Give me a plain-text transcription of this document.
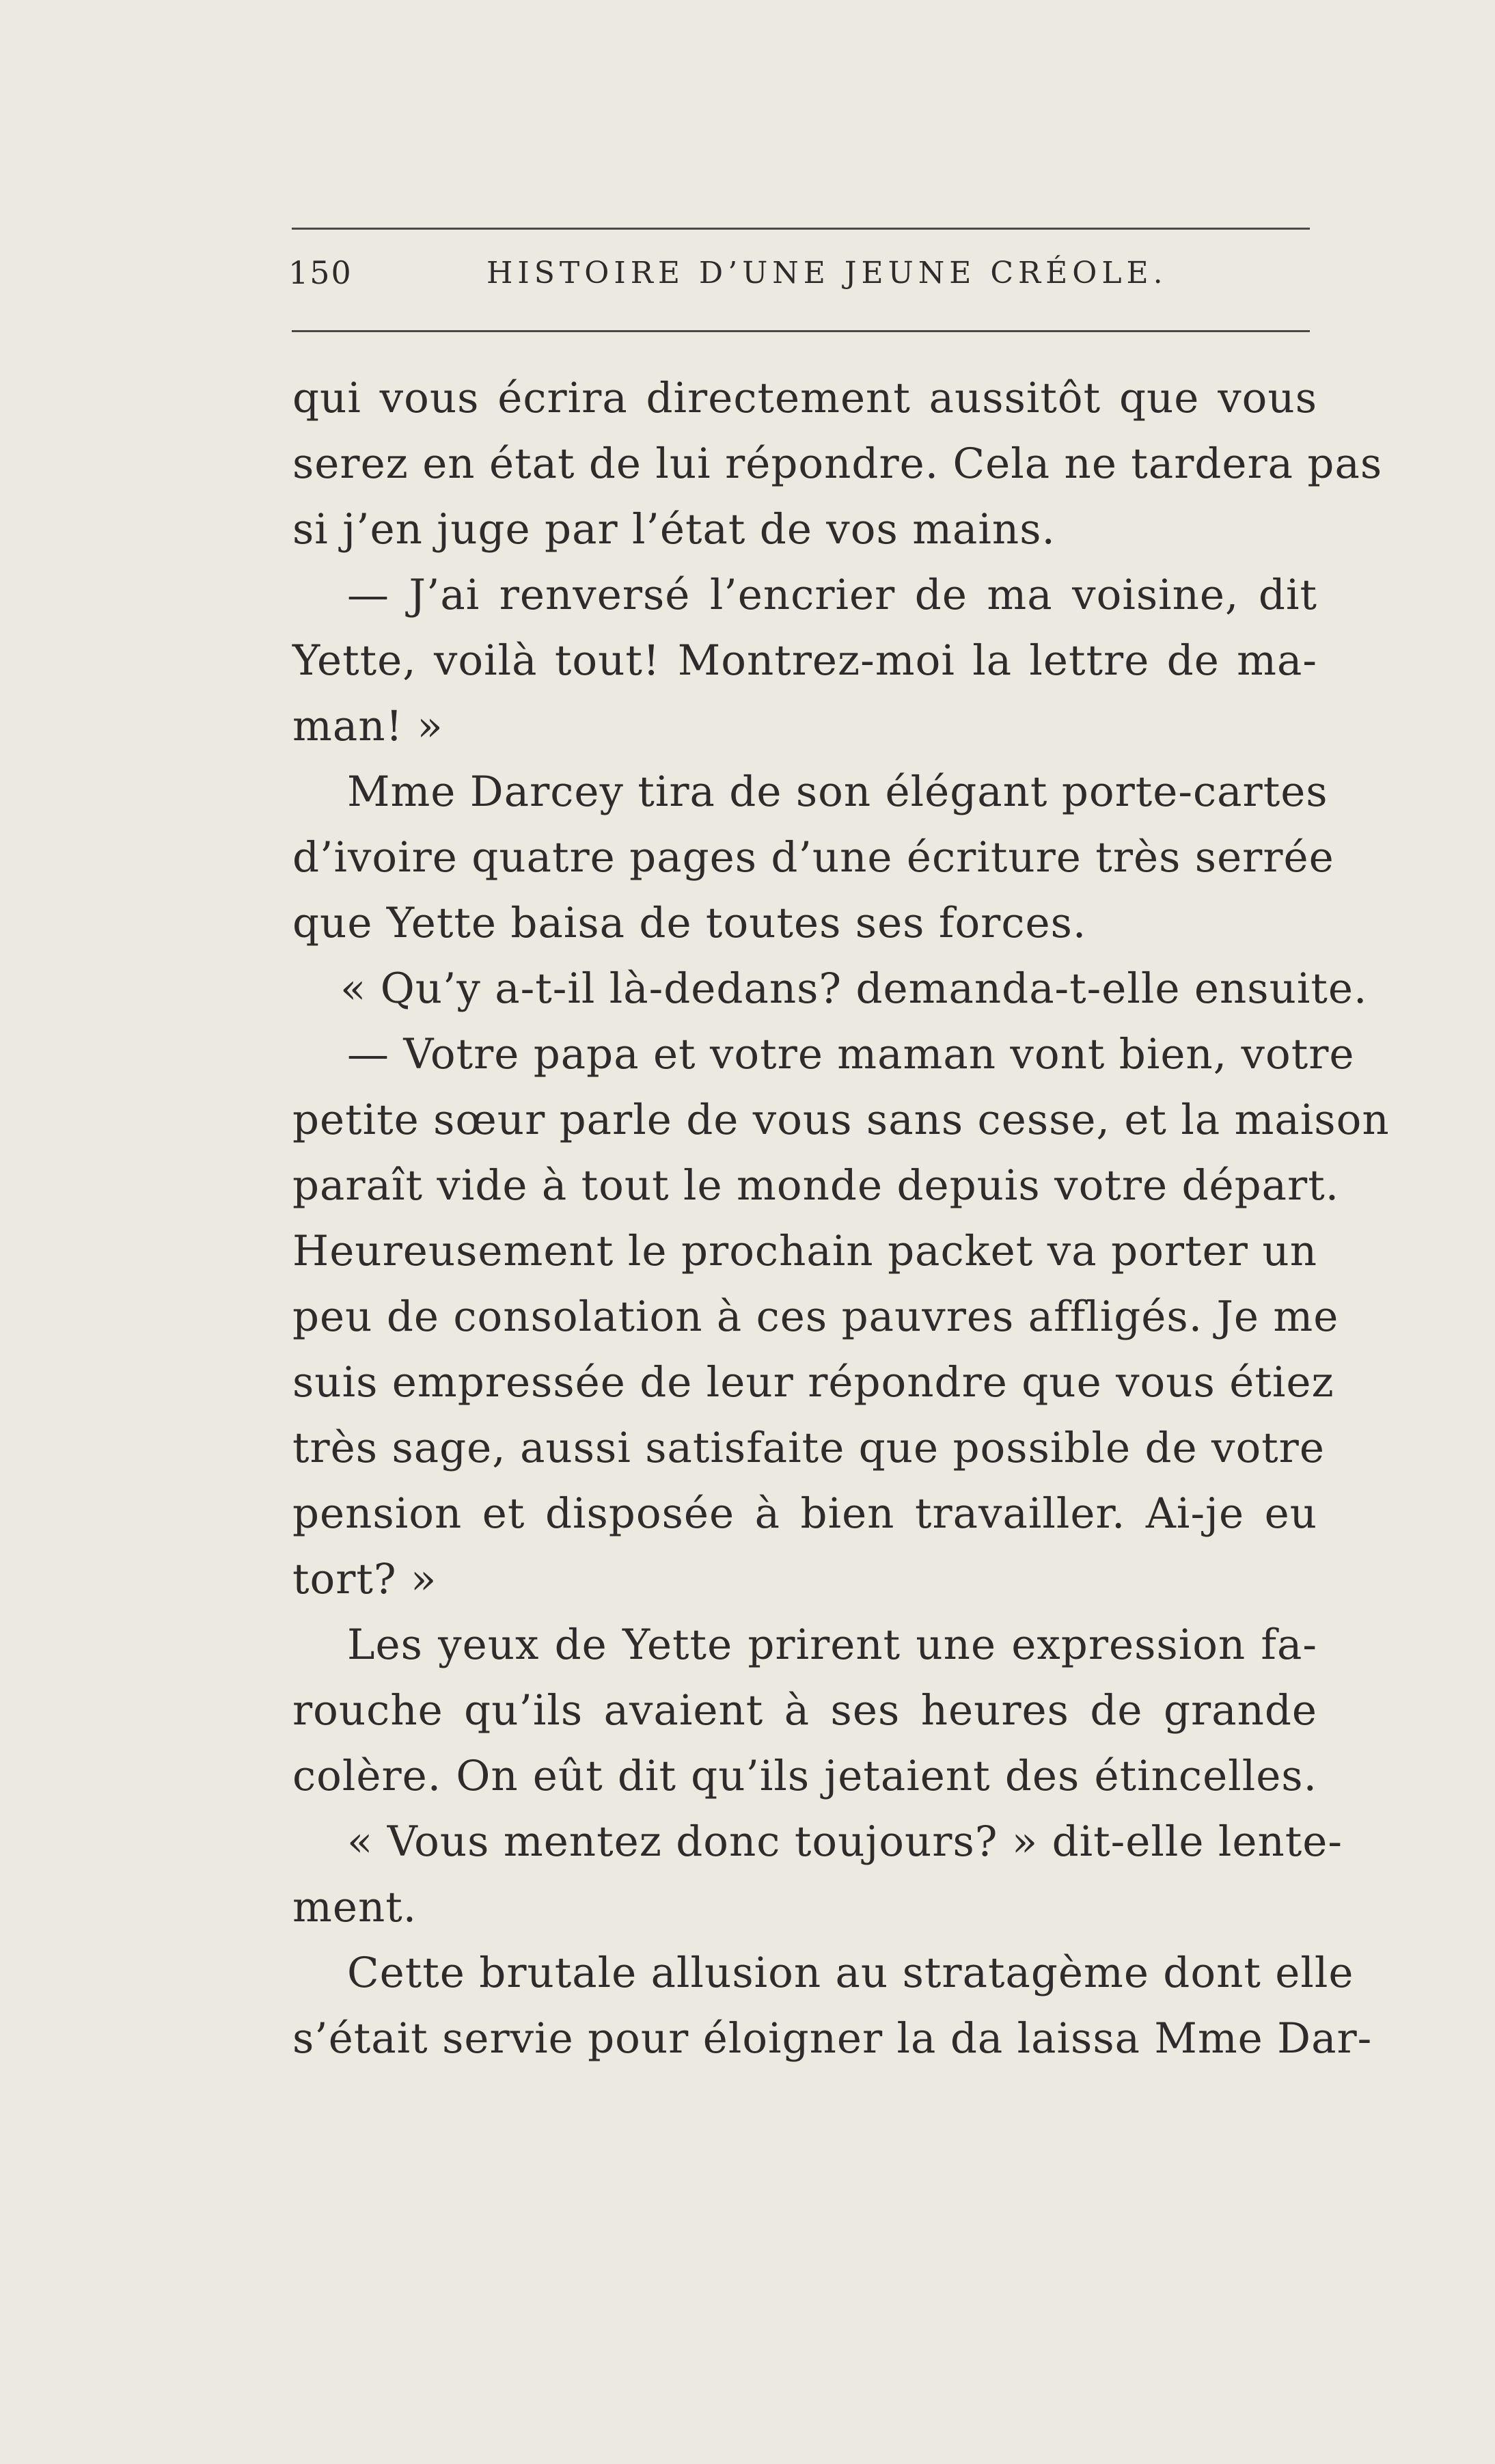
150	HISTOIRE D’UNE JEUNE CRÉOLE.
qui vous écrira directement aussitôt que vous
serez en état de lui répondre. Cela ne tardera pas
si j’en juge par l’état de vos mains.
— J’ai renversé l’encrier de ma voisine, dit
Yette, voilà tout! Montrez-moi la lettre de ma-
man! »
Mme Darcey tira de son élégant porte-cartes
d’ivoire quatre pages d’une écriture très serrée
que Yette baisa de toutes ses forces.
« Qu’y a-t-il là-dedans? demanda-t-elle ensuite.
— Votre papa et votre maman vont bien, votre
petite sœur parle de vous sans cesse, et la maison
paraît vide à tout le monde depuis votre départ.
Heureusement le prochain packet va porter un
peu de consolation à ces pauvres affligés. Je me
suis empressée de leur répondre que vous étiez
très sage, aussi satisfaite que possible de votre
pension et disposée à bien travailler. Ai-je eu
tort? »
Les yeux de Yette prirent une expression fa-
rouche qu’ils avaient à ses heures de grande
colère. On eût dit qu’ils jetaient des étincelles.
« Vous mentez donc toujours? » dit-elle lente-
ment.
Cette brutale allusion au stratagème dont elle
s’était servie pour éloigner la da laissa Mme Dar-
